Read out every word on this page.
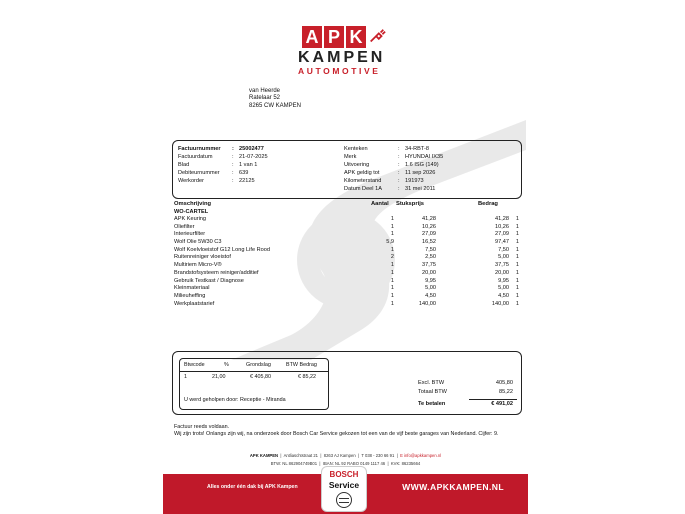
A P K
KAMPEN
AUTOMOTIVE
van Heerde
Ratelaar 52
8265 CW KAMPEN
Factuurnummer	: 25002477
Factuurdatum	: 21-07-2025
Blad	: 1 van 1
Debiteurnummer	: 639
Werkorder	: 22125
Kenteken	: 34-RBT-8
Merk	: HYUNDAI IX35
Uitvoering	: 1.6 ISG (149)
APK geldig tot	: 11 sep 2026
Kilometerstand	: 191973
Datum Deel 1A	: 31 mei 2011
Omschrijving	Aantal Stuksprijs	Bedrag
WO-CARTEL
APK Keuring	1	41,28	41,28 1
Oliefilter	1	10,26	10,26 1
Interieurfilter	1	27,09	27,09 1
Wolf Olie 5W30 C3	5,9	16,52	97,47 1
Wolf Koelvloeistof G12 Long Life Rood	1	7,50	7,50 1
Ruitenreiniger vloeistof	2	2,50	5,00 1
Multiriem Micro-V®	1	37,75	37,75 1
Brandstofsysteem reiniger/additief	1	20,00	20,00 1
Gebruik Testkast / Diagnose	1	9,95	9,95 1
Kleinmateriaal	1	5,00	5,00 1
Milieuheffing	1	4,50	4,50 1
Werkplaatstarief	1	140,00	140,00 1
Btwcode	%	Grondslag	BTW Bedrag
1	21,00	€ 405,80	€ 85,22
U werd geholpen door: Receptie - Miranda
Excl. BTW	405,80
Totaal BTW	85,22
Te betalen	€ 491,02
Factuur reeds voldaan.
Wij zijn trots! Onlangs zijn wij, na onderzoek door Bosch Car Service gekozen tot een van de vijf beste garages van Nederland. Cijfer: 9.
APK KAMPEN  |  Antliaschtstraat 21  |  8263 AJ Kampen  |  T 038 - 230 66 91  |  E info@apkkampen.nl
BTW: NL 862904749B01  |  IBAN: NL 92 RABO 0149 1117 46  |  KVK: 86235664
Alles onder één dak bij APK Kampen	WWW.APKKAMPEN.NL
BOSCH
Service
